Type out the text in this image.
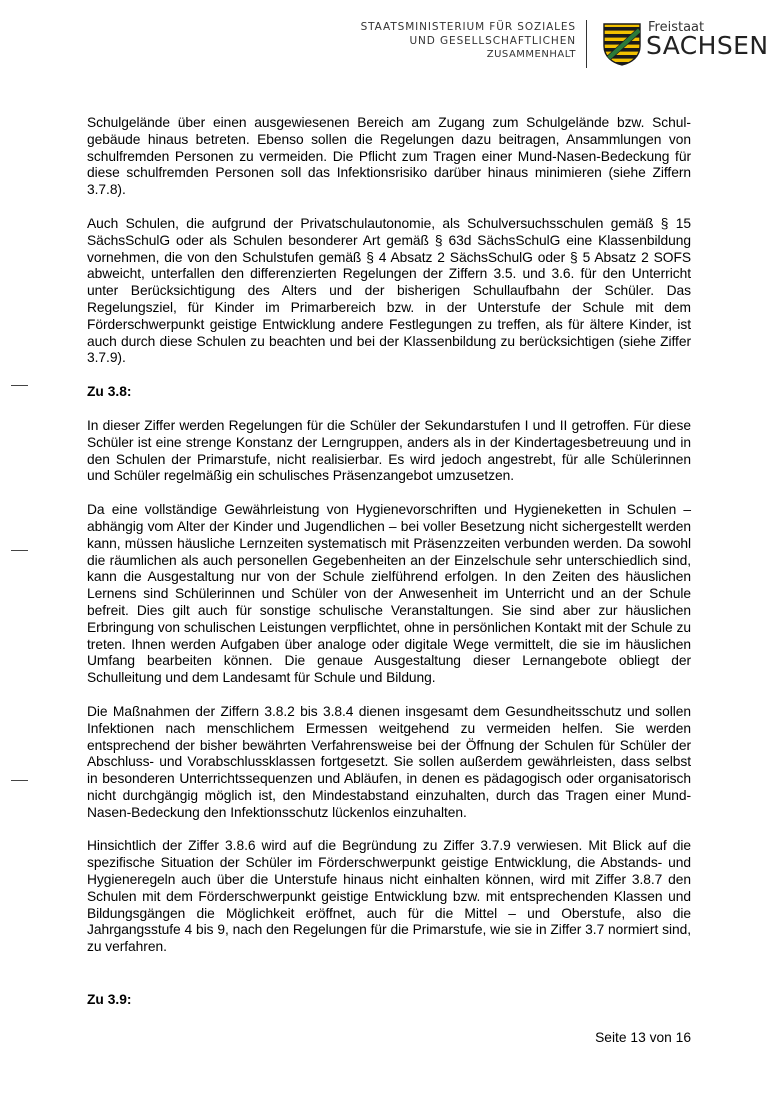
STAATSMINISTERIUM FÜR SOZIALES
UND GESELLSCHAFTLICHEN
ZUSAMMENHALT
Freistaat
SACHSEN

Schulgelände über einen ausgewiesenen Bereich am Zugang zum Schulgelände bzw. Schulgebäude hinaus betreten. Ebenso sollen die Regelungen dazu beitragen, Ansammlungen von schulfremden Personen zu vermeiden. Die Pflicht zum Tragen einer Mund-Nasen-Bedeckung für diese schulfremden Personen soll das Infektionsrisiko darüber hinaus minimieren (siehe Ziffern 3.7.8).

Auch Schulen, die aufgrund der Privatschulautonomie, als Schulversuchsschulen gemäß § 15 SächsSchulG oder als Schulen besonderer Art gemäß § 63d SächsSchulG eine Klassenbildung vornehmen, die von den Schulstufen gemäß § 4 Absatz 2 SächsSchulG oder § 5 Absatz 2 SOFS abweicht, unterfallen den differenzierten Regelungen der Ziffern 3.5. und 3.6. für den Unterricht unter Berücksichtigung des Alters und der bisherigen Schullaufbahn der Schüler. Das Regelungsziel, für Kinder im Primarbereich bzw. in der Unterstufe der Schule mit dem Förderschwerpunkt geistige Entwicklung andere Festlegungen zu treffen, als für ältere Kinder, ist auch durch diese Schulen zu beachten und bei der Klassenbildung zu berücksichtigen (siehe Ziffer 3.7.9).

Zu 3.8:

In dieser Ziffer werden Regelungen für die Schüler der Sekundarstufen I und II getroffen. Für diese Schüler ist eine strenge Konstanz der Lerngruppen, anders als in der Kindertagesbetreuung und in den Schulen der Primarstufe, nicht realisierbar. Es wird jedoch angestrebt, für alle Schülerinnen und Schüler regelmäßig ein schulisches Präsenzangebot umzusetzen.

Da eine vollständige Gewährleistung von Hygienevorschriften und Hygieneketten in Schulen – abhängig vom Alter der Kinder und Jugendlichen – bei voller Besetzung nicht sichergestellt werden kann, müssen häusliche Lernzeiten systematisch mit Präsenzzeiten verbunden werden. Da sowohl die räumlichen als auch personellen Gegebenheiten an der Einzelschule sehr unterschiedlich sind, kann die Ausgestaltung nur von der Schule zielführend erfolgen. In den Zeiten des häuslichen Lernens sind Schülerinnen und Schüler von der Anwesenheit im Unterricht und an der Schule befreit. Dies gilt auch für sonstige schulische Veranstaltungen. Sie sind aber zur häuslichen Erbringung von schulischen Leistungen verpflichtet, ohne in persönlichen Kontakt mit der Schule zu treten. Ihnen werden Aufgaben über analoge oder digitale Wege vermittelt, die sie im häuslichen Umfang bearbeiten können. Die genaue Ausgestaltung dieser Lernangebote obliegt der Schulleitung und dem Landesamt für Schule und Bildung.

Die Maßnahmen der Ziffern 3.8.2 bis 3.8.4 dienen insgesamt dem Gesundheitsschutz und sollen Infektionen nach menschlichem Ermessen weitgehend zu vermeiden helfen. Sie werden entsprechend der bisher bewährten Verfahrensweise bei der Öffnung der Schulen für Schüler der Abschluss- und Vorabschlussklassen fortgesetzt. Sie sollen außerdem gewährleisten, dass selbst in besonderen Unterrichtssequenzen und Abläufen, in denen es pädagogisch oder organisatorisch nicht durchgängig möglich ist, den Mindestabstand einzuhalten, durch das Tragen einer Mund-Nasen-Bedeckung den Infektionsschutz lückenlos einzuhalten.

Hinsichtlich der Ziffer 3.8.6 wird auf die Begründung zu Ziffer 3.7.9 verwiesen. Mit Blick auf die spezifische Situation der Schüler im Förderschwerpunkt geistige Entwicklung, die Abstands- und Hygieneregeln auch über die Unterstufe hinaus nicht einhalten können, wird mit Ziffer 3.8.7 den Schulen mit dem Förderschwerpunkt geistige Entwicklung bzw. mit entsprechenden Klassen und Bildungsgängen die Möglichkeit eröffnet, auch für die Mittel – und Oberstufe, also die Jahrgangsstufe 4 bis 9, nach den Regelungen für die Primarstufe, wie sie in Ziffer 3.7 normiert sind, zu verfahren.

Zu 3.9:

Seite 13 von 16
